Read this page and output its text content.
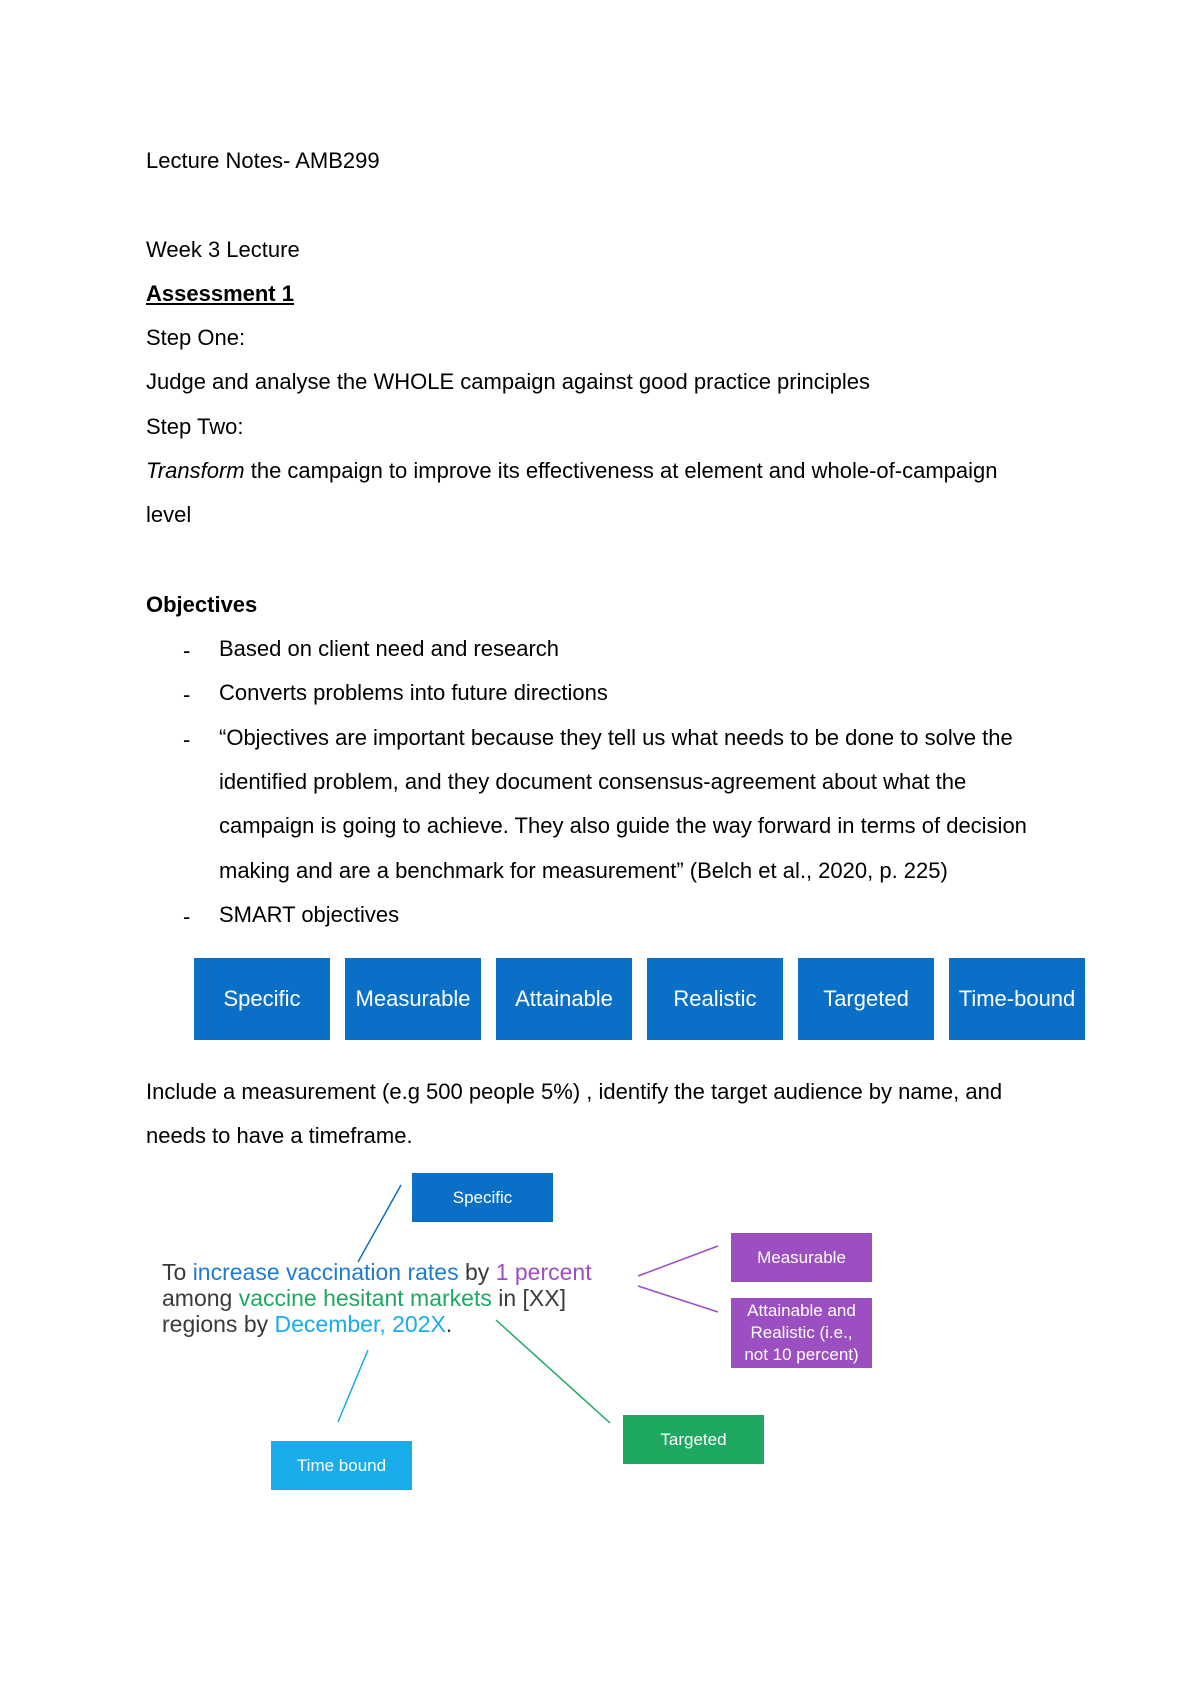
Lecture Notes- AMB299
Week 3 Lecture
Assessment 1
Step One:
Judge and analyse the WHOLE campaign against good practice principles
Step Two:
Transform the campaign to improve its effectiveness at element and whole-of-campaign
level
Objectives
- Based on client need and research
- Converts problems into future directions
- “Objectives are important because they tell us what needs to be done to solve the
identified problem, and they document consensus-agreement about what the
campaign is going to achieve. They also guide the way forward in terms of decision
making and are a benchmark for measurement” (Belch et al., 2020, p. 225)
- SMART objectives
Specific	Measurable	Attainable	Realistic	Targeted	Time-bound
Include a measurement (e.g 500 people 5%) , identify the target audience by name, and
needs to have a timeframe.
Specific
Measurable
Attainable and
Realistic (i.e.,
not 10 percent)
Targeted
Time bound
To increase vaccination rates by 1 percent
among vaccine hesitant markets in [XX]
regions by December, 202X.
